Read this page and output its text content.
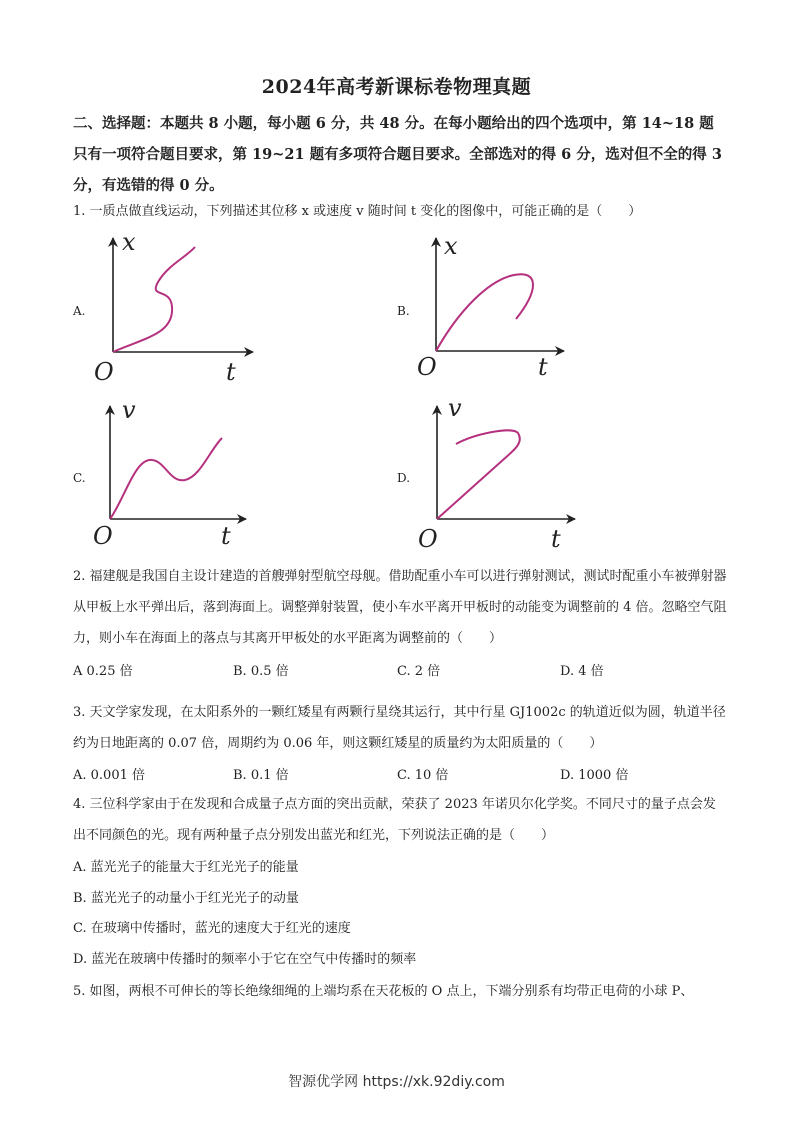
2024年高考新课标卷物理真题
二、选择题：本题共 8 小题，每小题 6 分，共 48 分。在每小题给出的四个选项中，第 14~18 题只有一项符合题目要求，第 19~21 题有多项符合题目要求。全部选对的得 6 分，选对但不全的得 3 分，有选错的得 0 分。
1. 一质点做直线运动，下列描述其位移 x 或速度 v 随时间 t 变化的图像中，可能正确的是（　　）
A.
x
t
O
B.
x
t
O
C.
v
t
O
D.
v
t
O
2. 福建舰是我国自主设计建造的首艘弹射型航空母舰。借助配重小车可以进行弹射测试，测试时配重小车被弹射器从甲板上水平弹出后，落到海面上。调整弹射装置，使小车水平离开甲板时的动能变为调整前的 4 倍。忽略空气阻力，则小车在海面上的落点与其离开甲板处的水平距离为调整前的（　　）
A 0.25 倍	B. 0.5 倍	C. 2 倍	D. 4 倍
3. 天文学家发现，在太阳系外的一颗红矮星有两颗行星绕其运行，其中行星 GJ1002c 的轨道近似为圆，轨道半径约为日地距离的 0.07 倍，周期约为 0.06 年，则这颗红矮星的质量约为太阳质量的（　　）
A. 0.001 倍	B. 0.1 倍	C. 10 倍	D. 1000 倍
4. 三位科学家由于在发现和合成量子点方面的突出贡献，荣获了 2023 年诺贝尔化学奖。不同尺寸的量子点会发出不同颜色的光。现有两种量子点分别发出蓝光和红光，下列说法正确的是（　　）
A. 蓝光光子的能量大于红光光子的能量
B. 蓝光光子的动量小于红光光子的动量
C. 在玻璃中传播时，蓝光的速度大于红光的速度
D. 蓝光在玻璃中传播时的频率小于它在空气中传播时的频率
5. 如图，两根不可伸长的等长绝缘细绳的上端均系在天花板的 O 点上，下端分别系有均带正电荷的小球 P、
智源优学网 https://xk.92diy.com
